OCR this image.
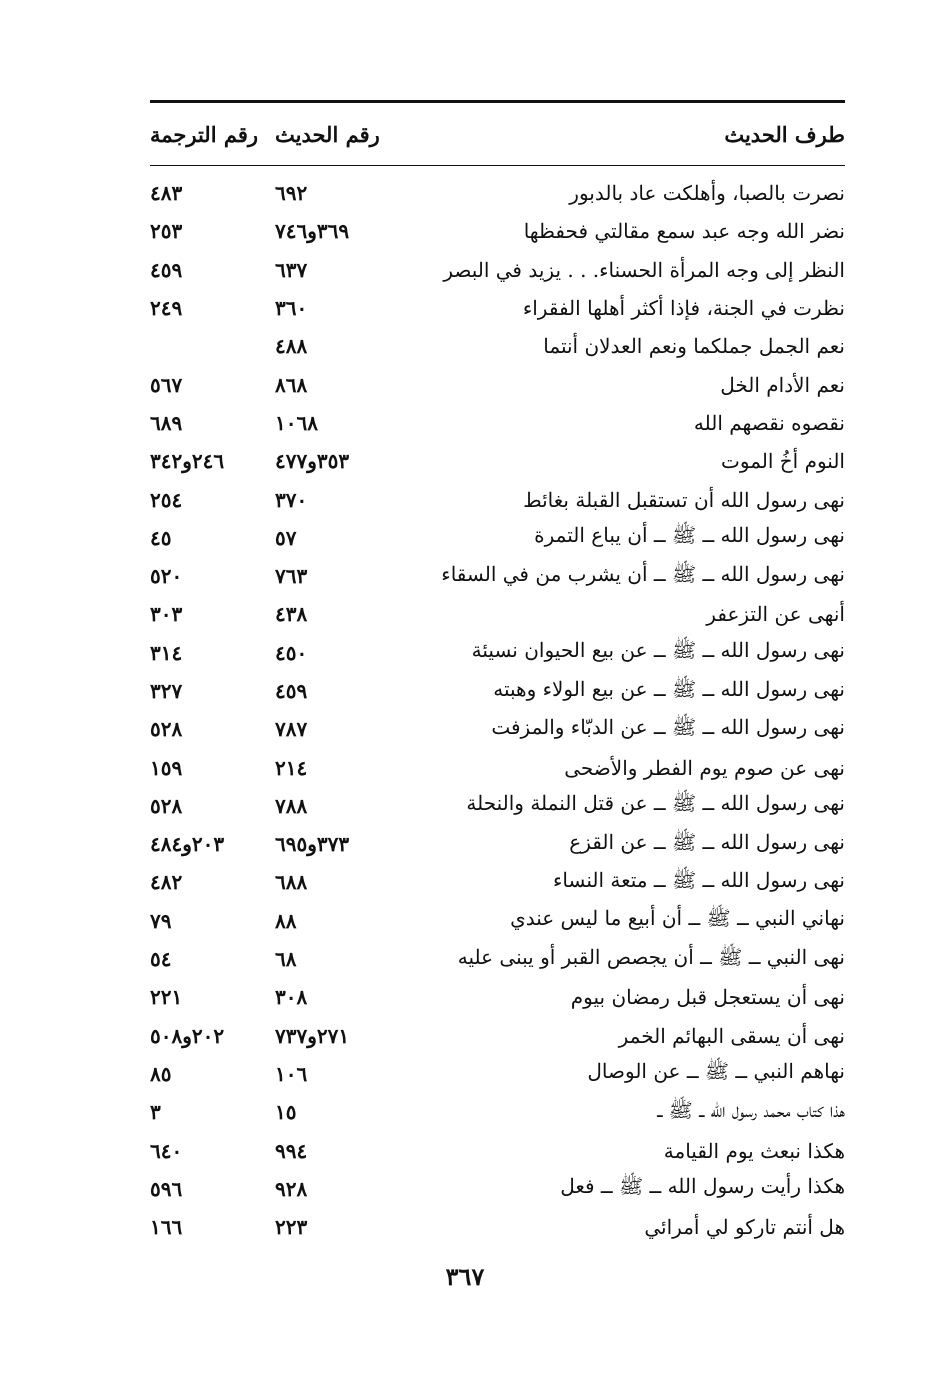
طرف الحديث
رقم الحديث
رقم الترجمة
نصرت بالصبا، وأهلكت عاد بالدبور
٦٩٢
٤٨٣
نضر الله وجه عبد سمع مقالتي فحفظها
٣٦٩و٧٤٦
٢٥٣
النظر إلى وجه المرأة الحسناء. . . يزيد في البصر
٦٣٧
٤٥٩
نظرت في الجنة، فإذا أكثر أهلها الفقراء
٣٦٠
٢٤٩
نعم الجمل جملكما ونعم العدلان أنتما
٤٨٨
نعم الأدام الخل
٨٦٨
٥٦٧
نقصوه نقصهم الله
١٠٦٨
٦٨٩
النوم أخُ الموت
٣٥٣و٤٧٧
٢٤٦و٣٤٢
نهى رسول الله أن تستقبل القبلة بغائط
٣٧٠
٢٥٤
نهى رسول الله ــ ﷺ ــ أن يباع التمرة
٥٧
٤٥
نهى رسول الله ــ ﷺ ــ أن يشرب من في السقاء
٧٦٣
٥٢٠
أنهى عن التزعفر
٤٣٨
٣٠٣
نهى رسول الله ــ ﷺ ــ عن بيع الحيوان نسيئة
٤٥٠
٣١٤
نهى رسول الله ــ ﷺ ــ عن بيع الولاء وهبته
٤٥٩
٣٢٧
نهى رسول الله ــ ﷺ ــ عن الدبّاء والمزفت
٧٨٧
٥٢٨
نهى عن صوم يوم الفطر والأضحى
٢١٤
١٥٩
نهى رسول الله ــ ﷺ ــ عن قتل النملة والنحلة
٧٨٨
٥٢٨
نهى رسول الله ــ ﷺ ــ عن القزع
٣٧٣و٦٩٥
٢٠٣و٤٨٤
نهى رسول الله ــ ﷺ ــ متعة النساء
٦٨٨
٤٨٢
نهاني النبي ــ ﷺ ــ أن أبيع ما ليس عندي
٨٨
٧٩
نهى النبي ــ ﷺ ــ أن يجصص القبر أو يبنى عليه
٦٨
٥٤
نهى أن يستعجل قبل رمضان بيوم
٣٠٨
٢٢١
نهى أن يسقى البهائم الخمر
٢٧١و٧٣٧
٢٠٢و٥٠٨
نهاهم النبي ــ ﷺ ــ عن الوصال
١٠٦
٨٥
هذا كتاب محمد رسول الله ــ ﷺ ــ
١٥
٣
هكذا نبعث يوم القيامة
٩٩٤
٦٤٠
هكذا رأيت رسول الله ــ ﷺ ــ فعل
٩٢٨
٥٩٦
هل أنتم تاركو لي أمرائي
٢٢٣
١٦٦
٣٦٧
